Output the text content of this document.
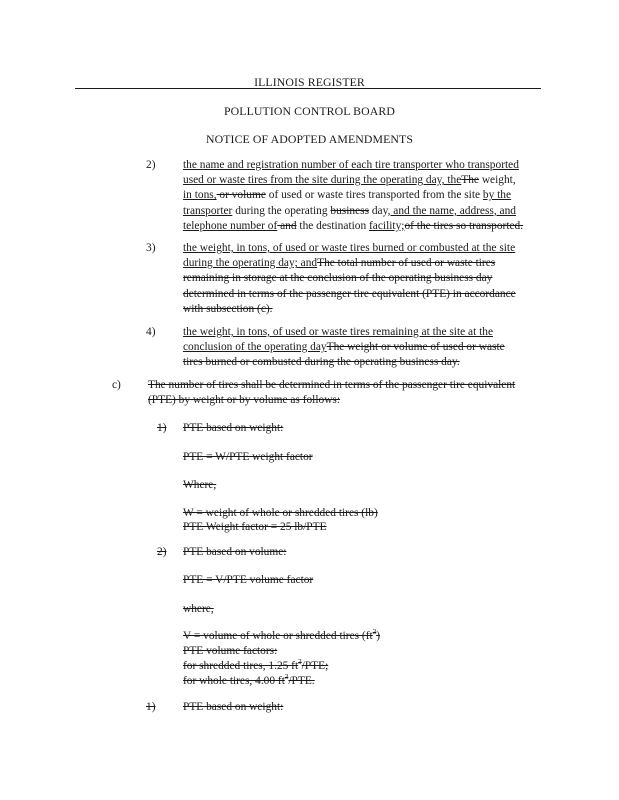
ILLINOIS REGISTER
POLLUTION CONTROL BOARD
NOTICE OF ADOPTED AMENDMENTS
2) the name and registration number of each tire transporter who transported
used or waste tires from the site during the operating day, theThe weight,
in tons, or volume of used or waste tires transported from the site by the
transporter during the operating business day, and the name, address, and
telephone number of and the destination facility;of the tires so transported.
3) the weight, in tons, of used or waste tires burned or combusted at the site
during the operating day; andThe total number of used or waste tires
remaining in storage at the conclusion of the operating business day
determined in terms of the passenger tire equivalent (PTE) in accordance
with subsection (c).
4) the weight, in tons, of used or waste tires remaining at the site at the
conclusion of the operating dayThe weight or volume of used or waste
tires burned or combusted during the operating business day.
c) The number of tires shall be determined in terms of the passenger tire equivalent
(PTE) by weight or by volume as follows:
1) PTE based on weight:
PTE = W/PTE weight factor
Where,
W = weight of whole or shredded tires (lb)
PTE Weight factor = 25 lb/PTE
2) PTE based on volume:
PTE = V/PTE volume factor
where,
V = volume of whole or shredded tires $(ft^3)$
PTE volume factors:
for shredded tires, 1.25 $ft^3$/PTE;
for whole tires, 4.00 $ft^3$/PTE.
1) PTE based on weight:
